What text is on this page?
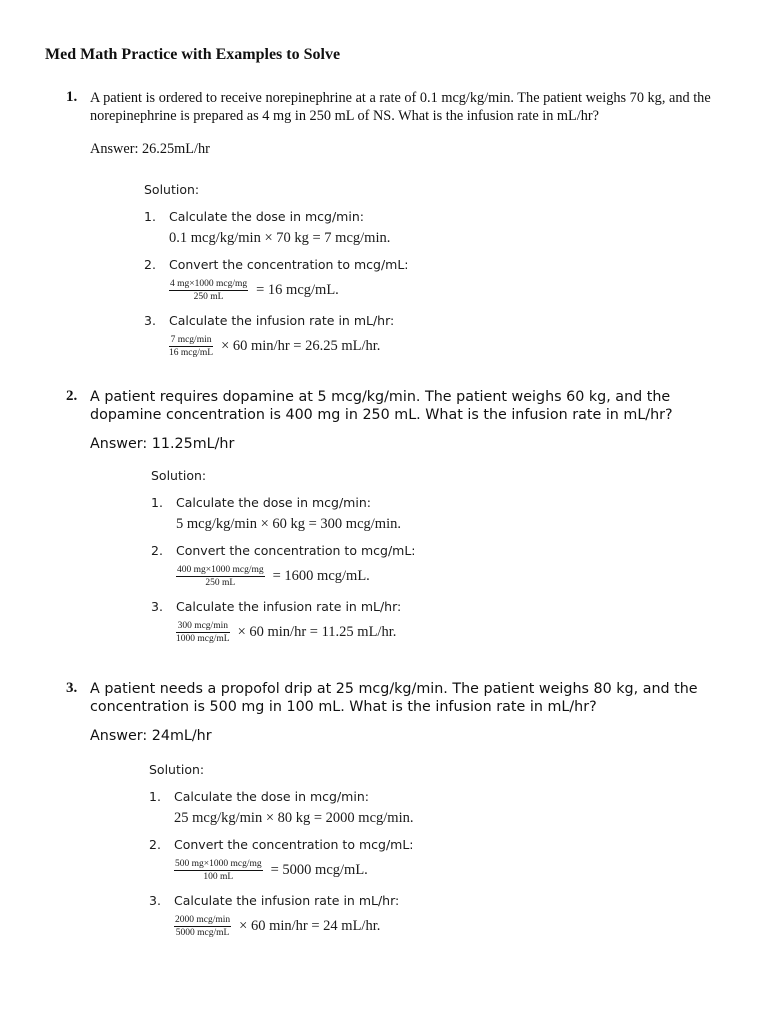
Med Math Practice with Examples to Solve
1. A patient is ordered to receive norepinephrine at a rate of 0.1 mcg/kg/min. The patient weighs 70 kg, and the norepinephrine is prepared as 4 mg in 250 mL of NS. What is the infusion rate in mL/hr?
Answer: 26.25mL/hr
Solution:
1. Calculate the dose in mcg/min:
0.1 mcg/kg/min × 70 kg = 7 mcg/min.
2. Convert the concentration to mcg/mL:
$\frac{\text{4 mg×1000 mcg/mg}}{250 mL} = 16$ mcg/mL.
3. Calculate the infusion rate in mL/hr:
$\frac{\text{7 mcg/min}}{\text{16 mcg/mL}} \times 60$ min/hr = 26.25 mL/hr.
2. A patient requires dopamine at 5 mcg/kg/min. The patient weighs 60 kg, and the dopamine concentration is 400 mg in 250 mL. What is the infusion rate in mL/hr?
Answer: 11.25mL/hr
Solution:
1. Calculate the dose in mcg/min:
5 mcg/kg/min × 60 kg = 300 mcg/min.
2. Convert the concentration to mcg/mL:
$\frac{\text{400 mg×1000 mcg/mg}}{250 mL} = 1600$ mcg/mL.
3. Calculate the infusion rate in mL/hr:
$\frac{\text{300 mcg/min}}{\text{1000 mcg/mL}} \times 60$ min/hr = 11.25 mL/hr.
3. A patient needs a propofol drip at 25 mcg/kg/min. The patient weighs 80 kg, and the concentration is 500 mg in 100 mL. What is the infusion rate in mL/hr?
Answer: 24mL/hr
Solution:
1. Calculate the dose in mcg/min:
25 mcg/kg/min × 80 kg = 2000 mcg/min.
2. Convert the concentration to mcg/mL:
$\frac{\text{500 mg×1000 mcg/mg}}{100 mL} = 5000$ mcg/mL.
3. Calculate the infusion rate in mL/hr:
$\frac{\text{2000 mcg/min}}{\text{5000 mcg/mL}} \times 60$ min/hr = 24 mL/hr.
